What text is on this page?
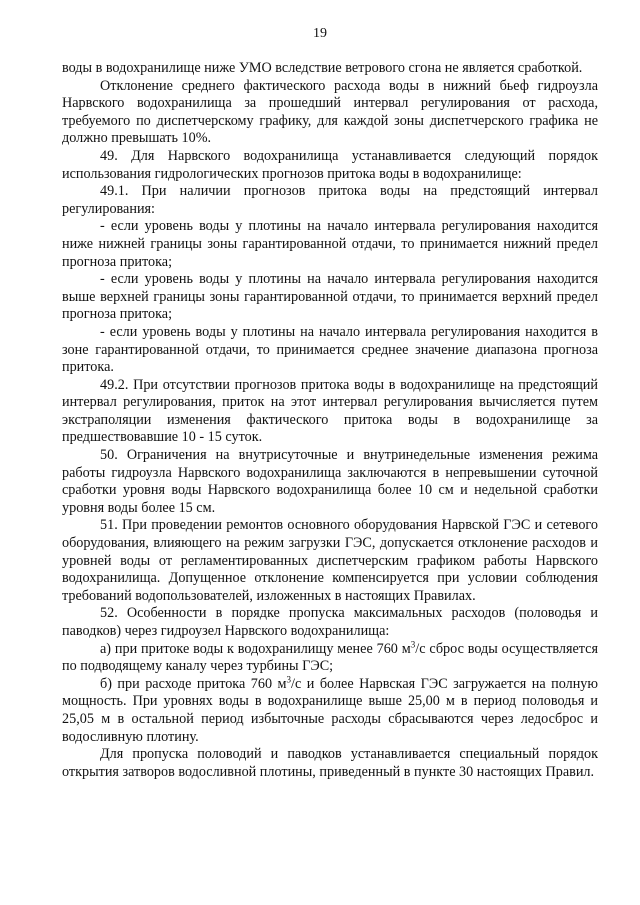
19

воды в водохранилище ниже УМО вследствие ветрового сгона не является сработкой.

Отклонение среднего фактического расхода воды в нижний бьеф гидроузла Нарвского водохранилища за прошедший интервал регулирования от расхода, требуемого по диспетчерскому графику, для каждой зоны диспетчерского графика не должно превышать 10%.

49. Для Нарвского водохранилища устанавливается следующий порядок использования гидрологических прогнозов притока воды в водохранилище:

49.1. При наличии прогнозов притока воды на предстоящий интервал регулирования:

- если уровень воды у плотины на начало интервала регулирования находится ниже нижней границы зоны гарантированной отдачи, то принимается нижний предел прогноза притока;

- если уровень воды у плотины на начало интервала регулирования находится выше верхней границы зоны гарантированной отдачи, то принимается верхний предел прогноза притока;

- если уровень воды у плотины на начало интервала регулирования находится в зоне гарантированной отдачи, то принимается среднее значение диапазона прогноза притока.

49.2. При отсутствии прогнозов притока воды в водохранилище на предстоящий интервал регулирования, приток на этот интервал регулирования вычисляется путем экстраполяции изменения фактического притока воды в водохранилище за предшествовавшие 10 - 15 суток.

50. Ограничения на внутрисуточные и внутринедельные изменения режима работы гидроузла Нарвского водохранилища заключаются в непревышении суточной сработки уровня воды Нарвского водохранилища более 10 см и недельной сработки уровня воды более 15 см.

51. При проведении ремонтов основного оборудования Нарвской ГЭС и сетевого оборудования, влияющего на режим загрузки ГЭС, допускается отклонение расходов и уровней воды от регламентированных диспетчерским графиком работы Нарвского водохранилища. Допущенное отклонение компенсируется при условии соблюдения требований водопользователей, изложенных в настоящих Правилах.

52. Особенности в порядке пропуска максимальных расходов (половодья и паводков) через гидроузел Нарвского водохранилища:

а) при притоке воды к водохранилищу менее 760 $м^3/с$ сброс воды осуществляется по подводящему каналу через турбины ГЭС;

б) при расходе притока 760 $м^3/с$ и более Нарвская ГЭС загружается на полную мощность. При уровнях воды в водохранилище выше 25,00 м в период половодья и 25,05 м в остальной период избыточные расходы сбрасываются через ледосброс и водосливную плотину.

Для пропуска половодий и паводков устанавливается специальный порядок открытия затворов водосливной плотины, приведенный в пункте 30 настоящих Правил.
